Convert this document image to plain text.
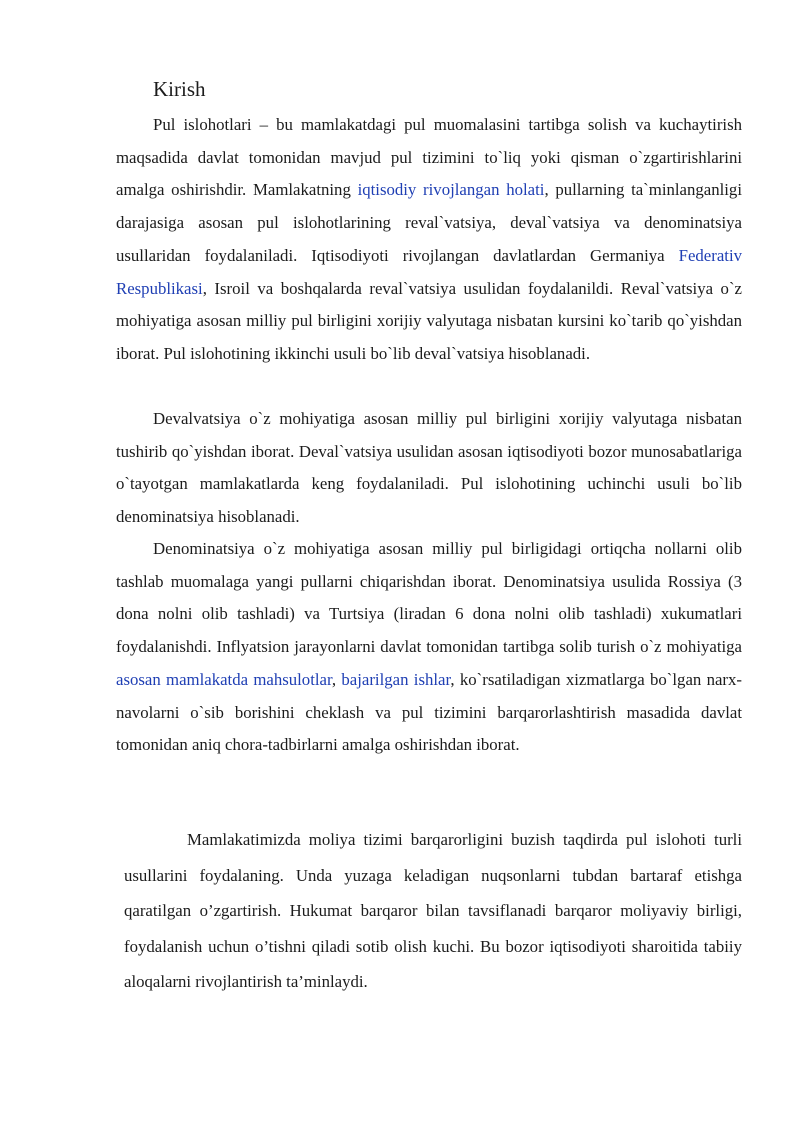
Kirish

Pul islohotlari – bu mamlakatdagi pul muomalasini tartibga solish va kuchaytirish maqsadida davlat tomonidan mavjud pul tizimini to`liq yoki qisman o`zgartirishlarini amalga oshirishdir. Mamlakatning iqtisodiy rivojlangan holati, pullarning ta`minlanganligi darajasiga asosan pul islohotlarining reval`vatsiya, deval`vatsiya va denominatsiya usullaridan foydalaniladi. Iqtisodiyoti rivojlangan davlatlardan Germaniya Federativ Respublikasi, Isroil va boshqalarda reval`vatsiya usulidan foydalanildi. Reval`vatsiya o`z mohiyatiga asosan milliy pul birligini xorijiy valyutaga nisbatan kursini ko`tarib qo`yishdan iborat. Pul islohotining ikkinchi usuli bo`lib deval`vatsiya hisoblanadi.

Devalvatsiya o`z mohiyatiga asosan milliy pul birligini xorijiy valyutaga nisbatan tushirib qo`yishdan iborat. Deval`vatsiya usulidan asosan iqtisodiyoti bozor munosabatlariga o`tayotgan mamlakatlarda keng foydalaniladi. Pul islohotining uchinchi usuli bo`lib denominatsiya hisoblanadi.

Denominatsiya o`z mohiyatiga asosan milliy pul birligidagi ortiqcha nollarni olib tashlab muomalaga yangi pullarni chiqarishdan iborat. Denominatsiya usulida Rossiya (3 dona nolni olib tashladi) va Turtsiya (liradan 6 dona nolni olib tashladi) xukumatlari foydalanishdi. Inflyatsion jarayonlarni davlat tomonidan tartibga solib turish o`z mohiyatiga asosan mamlakatda mahsulotlar, bajarilgan ishlar, ko`rsatiladigan xizmatlarga bo`lgan narx-navolarni o`sib borishini cheklash va pul tizimini barqarorlashtirish masadida davlat tomonidan aniq chora-tadbirlarni amalga oshirishdan iborat.

Mamlakatimizda moliya tizimi barqarorligini buzish taqdirda pul islohoti turli usullarini foydalaning. Unda yuzaga keladigan nuqsonlarni tubdan bartaraf etishga qaratilgan o’zgartirish. Hukumat barqaror bilan tavsiflanadi barqaror moliyaviy birligi, foydalanish uchun o’tishni qiladi sotib olish kuchi. Bu bozor iqtisodiyoti sharoitida tabiiy aloqalarni rivojlantirish ta’minlaydi.
